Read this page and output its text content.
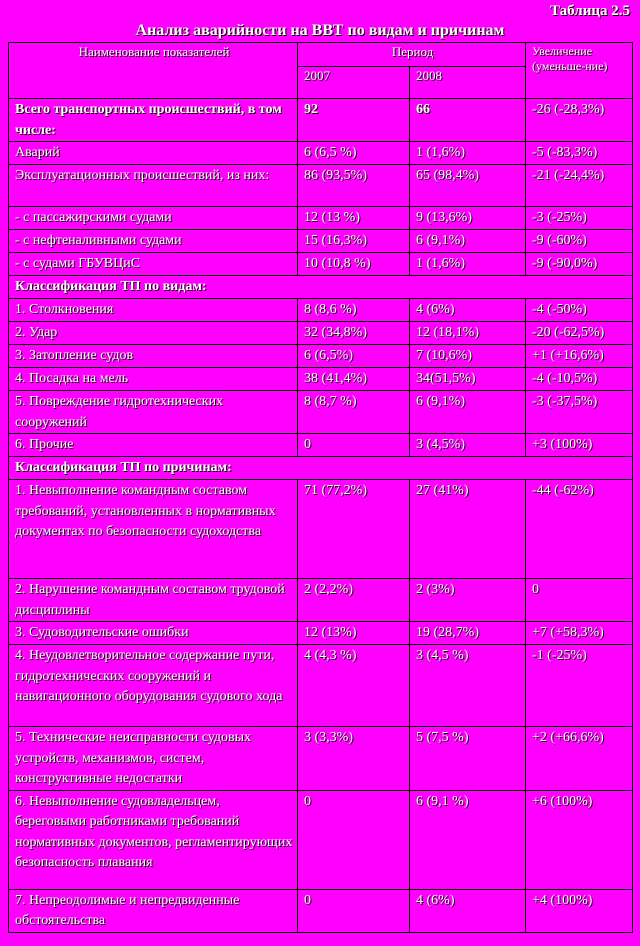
Таблица 2.5
Анализ аварийности на ВВТ по видам и причинам
Наименование показателей	Период		Увеличение (уменьше-ние)
	2007	2008	
Всего транспортных происшествий, в том числе:	92	66	-26 (-28,3%)
Аварий	6 (6,5 %)	1 (1,6%)	-5 (-83,3%)
Эксплуатационных происшествий, из них:	86 (93,5%)	65 (98,4%)	-21 (-24,4%)
- с пассажирскими судами	12 (13 %)	9 (13,6%)	-3 (-25%)
- с нефтеналивными судами	15 (16,3%)	6 (9,1%)	-9 (-60%)
- с судами ГБУВЦиС	10 (10,8 %)	1 (1,6%)	-9 (-90,0%)
Классификация ТП по видам:			
1. Столкновения	8 (8,6 %)	4 (6%)	-4 (-50%)
2. Удар	32 (34,8%)	12 (18,1%)	-20 (-62,5%)
3. Затопление судов	6 (6,5%)	7 (10,6%)	+1 (+16,6%)
4. Посадка на мель	38 (41,4%)	34(51,5%)	-4 (-10,5%)
5. Повреждение гидротехнических сооружений	8 (8,7 %)	6 (9,1%)	-3 (-37,5%)
6. Прочие	0	3 (4,5%)	+3 (100%)
Классификация ТП по причинам:			
1. Невыполнение командным составом требований, установленных в нормативных документах по безопасности судоходства	71 (77,2%)	27 (41%)	-44 (-62%)
2. Нарушение командным составом трудовой дисциплины	2 (2,2%)	2 (3%)	0
3. Судоводительские ошибки	12 (13%)	19 (28,7%)	+7 (+58,3%)
4. Неудовлетворительное содержание пути, гидротехнических сооружений и навигационного оборудования судового хода	4 (4,3 %)	3 (4,5 %)	-1 (-25%)
5. Технические неисправности судовых устройств, механизмов, систем, конструктивные недостатки	3 (3,3%)	5 (7,5 %)	+2 (+66,6%)
6. Невыполнение судовладельцем, береговыми работниками требований нормативных документов, регламентирующих безопасность плавания	0	6 (9,1 %)	+6 (100%)
7. Непреодолимые и непредвиденные обстоятельства	0	4 (6%)	+4 (100%)
